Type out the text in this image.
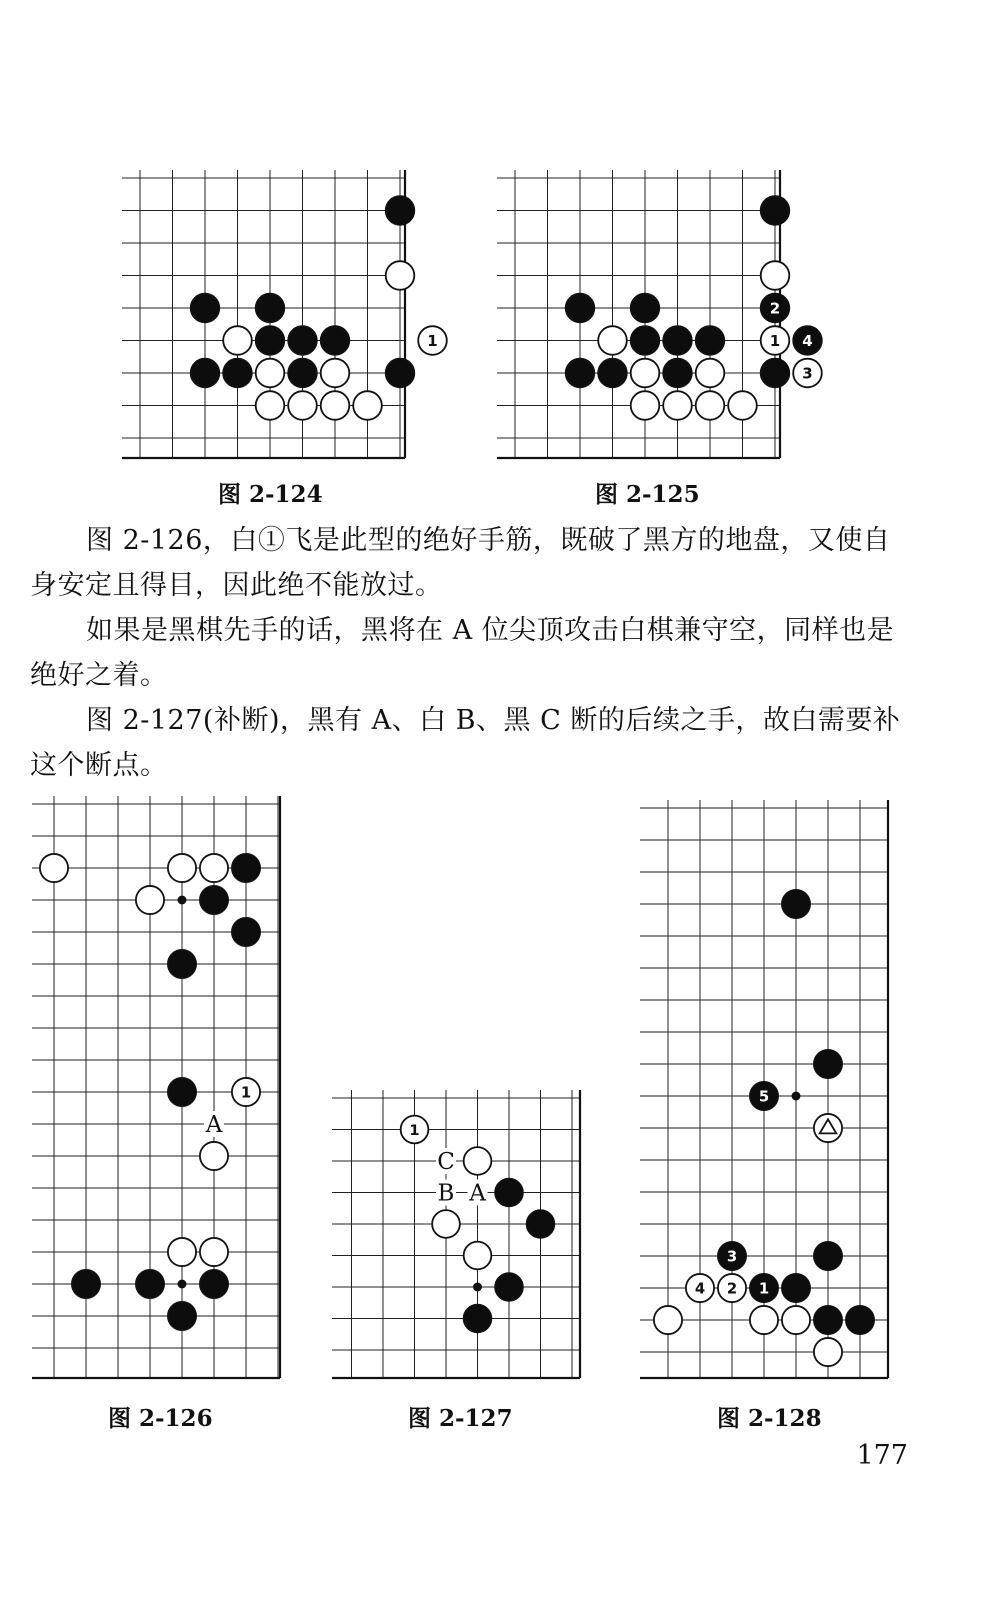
1
图 2-124
2
1 4
3
图 2-125
图 2-126，白①飞是此型的绝好手筋，既破了黑方的地盘，又使自身安定且得目，因此绝不能放过。
如果是黑棋先手的话，黑将在 A 位尖顶攻击白棋兼守空，同样也是绝好之着。
图 2-127(补断)，黑有 A、白 B、黑 C 断的后续之手，故白需要补这个断点。
A
1
图 2-126
C
B A
1
图 2-127
5
3
4 2 1
图 2-128
177
